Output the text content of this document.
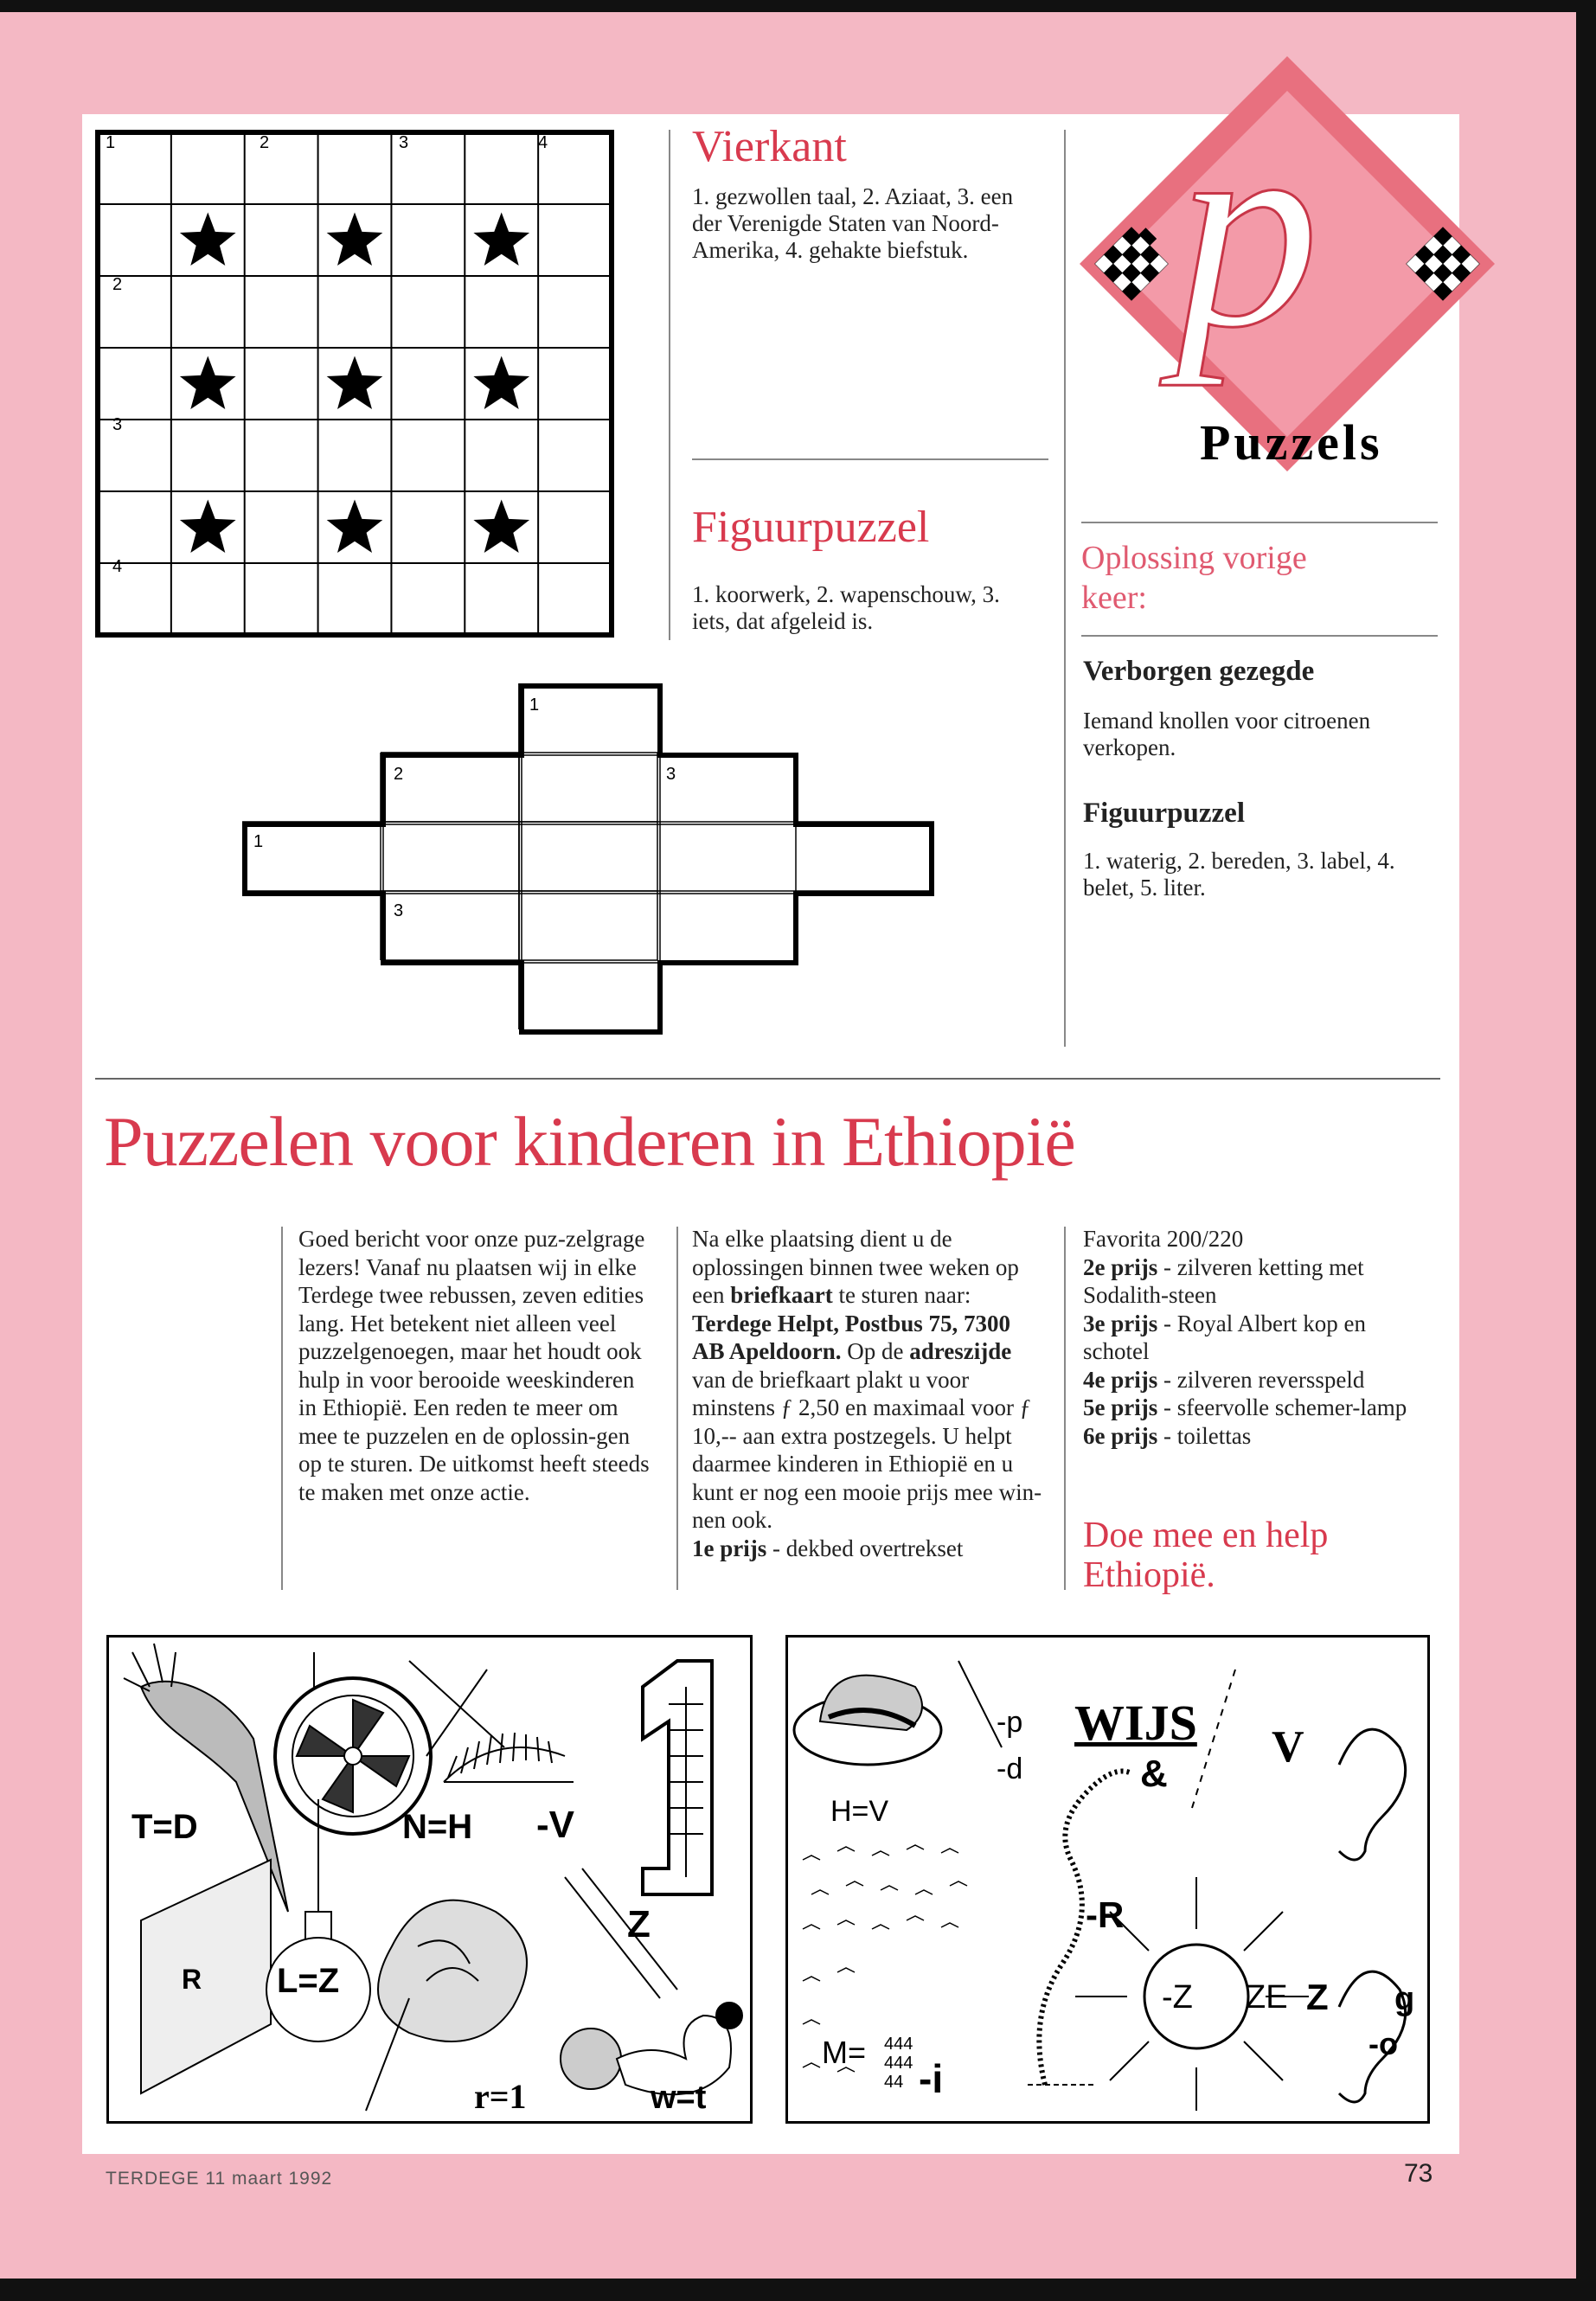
1	2	3	4
2
3
4
Vierkant
1. gezwollen taal, 2. Aziaat, 3. een der Verenigde Staten van Noord-Amerika, 4. gehakte biefstuk.
Figuurpuzzel
1. koorwerk, 2. wapenschouw, 3. iets, dat afgeleid is.
1
2	3
1
3
p
Puzzels
Oplossing vorige keer:
Verborgen gezegde
Iemand knollen voor citroenen verkopen.
Figuurpuzzel
1. waterig, 2. bereden, 3. label, 4. belet, 5. liter.
Puzzelen voor kinderen in Ethiopië
Goed bericht voor onze puz-zelgrage lezers! Vanaf nu plaatsen wij in elke Terdege twee rebussen, zeven edities lang. Het betekent niet alleen veel puzzelgenoegen, maar het houdt ook hulp in voor berooide weeskinderen in Ethiopië. Een reden te meer om mee te puzzelen en de oplossin-gen op te sturen. De uitkomst heeft steeds te maken met onze actie.
Na elke plaatsing dient u de oplossingen binnen twee weken op een briefkaart te sturen naar: Terdege Helpt, Postbus 75, 7300 AB Apeldoorn. Op de adreszijde van de briefkaart plakt u voor minstens ƒ 2,50 en maximaal voor ƒ 10,-- aan extra postzegels. U helpt daarmee kinderen in Ethiopië en u kunt er nog een mooie prijs mee win-nen ook.
1e prijs - dekbed overtrekset
Favorita 200/220
2e prijs - zilveren ketting met Sodalith-steen
3e prijs - Royal Albert kop en schotel
4e prijs - zilveren reversspeld
5e prijs - sfeervolle schemer-lamp
6e prijs - toilettas
Doe mee en help Ethiopië.
T=D	N=H -V
L=Z
Z
r=1	w=t
R
-p
-d
WIJS
&
V
H=V
-R
-Z ZE Z g
-o
M= 444
444
44 -i
TERDEGE 11 maart 1992	73
